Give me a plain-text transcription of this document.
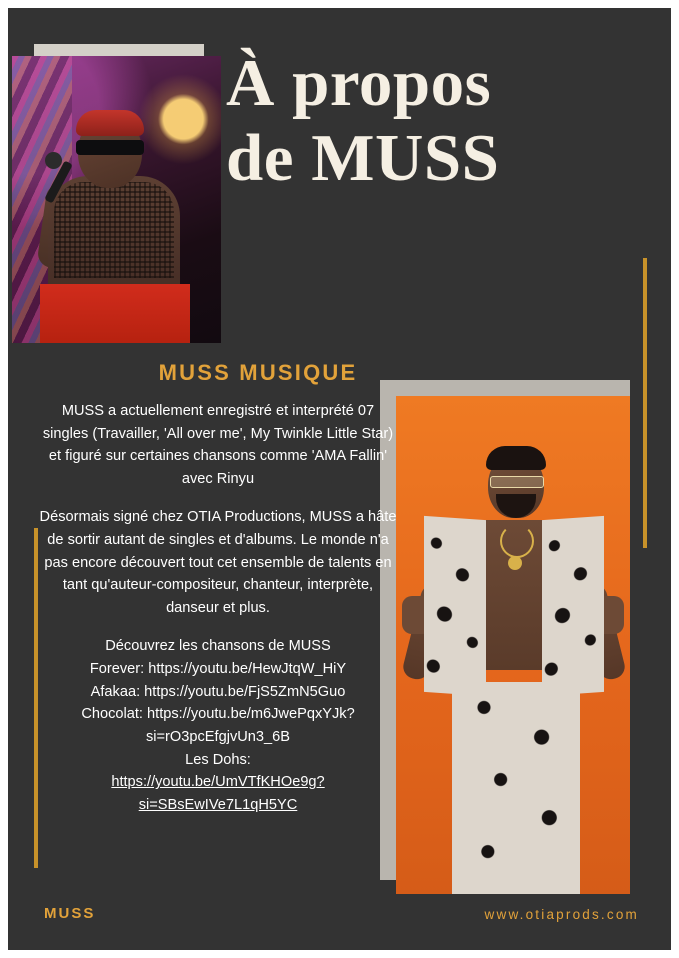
À propos
de MUSS
MUSS MUSIQUE

MUSS a actuellement enregistré et interprété 07 singles (Travailler, 'All over me', My Twinkle Little Star) et figuré sur certaines chansons comme 'AMA Fallin' avec Rinyu

Désormais signé chez OTIA Productions, MUSS a hâte de sortir autant de singles et d'albums. Le monde n'a pas encore découvert tout cet ensemble de talents en tant qu'auteur-compositeur, chanteur, interprète, danseur et plus.

Découvrez les chansons de MUSS
Forever: https://youtu.be/HewJtqW_HiY
Afakaa: https://youtu.be/FjS5ZmN5Guo
Chocolat: https://youtu.be/m6JwePqxYJk?
si=rO3pcEfgjvUn3_6B
Les Dohs:
https://youtu.be/UmVTfKHOe9g?
si=SBsEwIVe7L1qH5YC

MUSS	www.otiaprods.com
